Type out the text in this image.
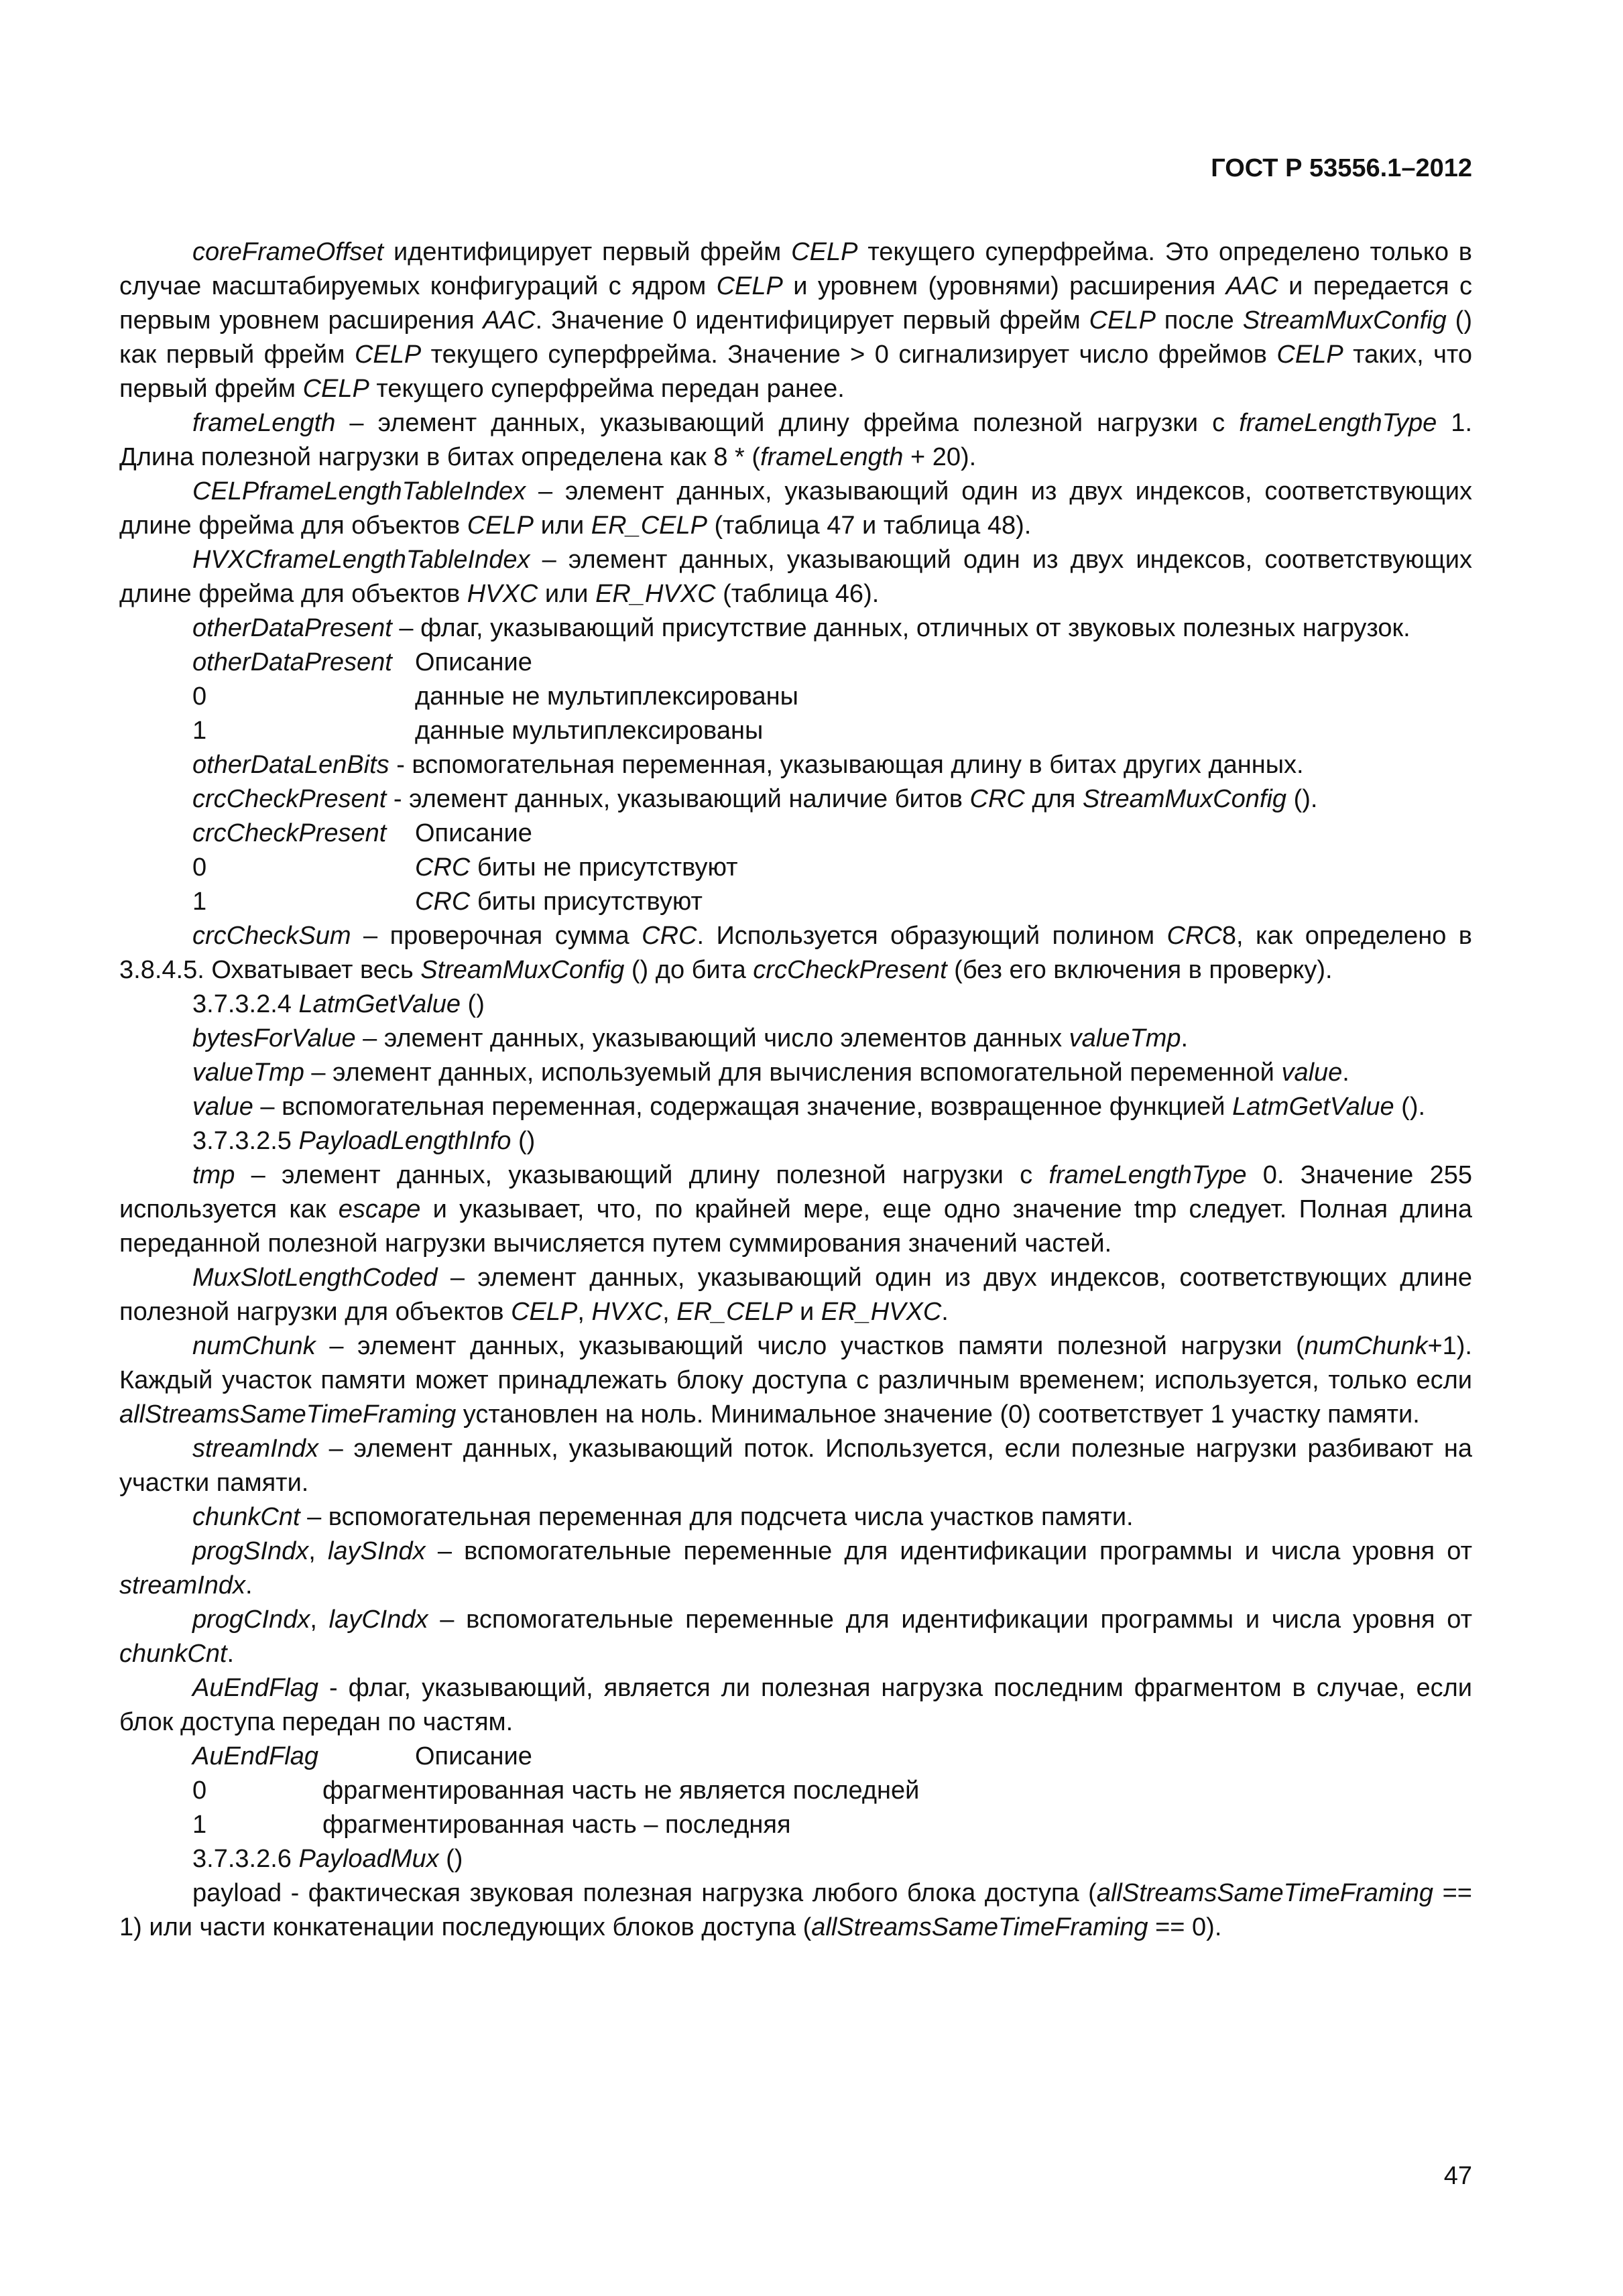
ГОСТ Р 53556.1–2012

coreFrameOffset идентифицирует первый фрейм CELP текущего суперфрейма. Это определено только в случае масштабируемых конфигураций с ядром CELP и уровнем (уровнями) расширения AAC и передается с первым уровнем расширения AAC. Значение 0 идентифицирует первый фрейм CELP после StreamMuxConfig () как первый фрейм CELP текущего суперфрейма. Значение > 0 сигнализирует число фреймов CELP таких, что первый фрейм CELP текущего суперфрейма передан ранее.

frameLength – элемент данных, указывающий длину фрейма полезной нагрузки с frameLengthType 1. Длина полезной нагрузки в битах определена как 8 * (frameLength + 20).

CELPframeLengthTableIndex – элемент данных, указывающий один из двух индексов, соответствующих длине фрейма для объектов CELP или ER_CELP (таблица 47 и таблица 48).

HVXCframeLengthTableIndex – элемент данных, указывающий один из двух индексов, соответствующих длине фрейма для объектов HVXC или ER_HVXC (таблица 46).

otherDataPresent – флаг, указывающий присутствие данных, отличных от звуковых полезных нагрузок.

otherDataPresent Описание
0	данные не мультиплексированы
1	данные мультиплексированы

otherDataLenBits - вспомогательная переменная, указывающая длину в битах других данных.

crcCheckPresent - элемент данных, указывающий наличие битов CRC для StreamMuxConfig ().

crcCheckPresent	Описание
0	CRC биты не присутствуют
1	CRC биты присутствуют

crcCheckSum – проверочная сумма CRC. Используется образующий полином CRC8, как определено в 3.8.4.5. Охватывает весь StreamMuxConfig () до бита crcCheckPresent (без его включения в проверку).

3.7.3.2.4 LatmGetValue ()

bytesForValue – элемент данных, указывающий число элементов данных valueTmp.

valueTmp – элемент данных, используемый для вычисления вспомогательной переменной value.

value – вспомогательная переменная, содержащая значение, возвращенное функцией LatmGetValue ().

3.7.3.2.5 PayloadLengthInfo ()

tmp – элемент данных, указывающий длину полезной нагрузки с frameLengthType 0. Значение 255 используется как escape и указывает, что, по крайней мере, еще одно значение tmp следует. Полная длина переданной полезной нагрузки вычисляется путем суммирования значений частей.

MuxSlotLengthCoded – элемент данных, указывающий один из двух индексов, соответствующих длине полезной нагрузки для объектов CELP, HVXC, ER_CELP и ER_HVXC.

numChunk – элемент данных, указывающий число участков памяти полезной нагрузки (numChunk+1). Каждый участок памяти может принадлежать блоку доступа с различным временем; используется, только если allStreamsSameTimeFraming установлен на ноль. Минимальное значение (0) соответствует 1 участку памяти.

streamIndx – элемент данных, указывающий поток. Используется, если полезные нагрузки разбивают на участки памяти.

chunkCnt – вспомогательная переменная для подсчета числа участков памяти.

progSIndx, laySIndx – вспомогательные переменные для идентификации программы и числа уровня от streamIndx.

progCIndx, layCIndx – вспомогательные переменные для идентификации программы и числа уровня от chunkCnt.

AuEndFlag - флаг, указывающий, является ли полезная нагрузка последним фрагментом в случае, если блок доступа передан по частям.

AuEndFlag	Описание
0	фрагментированная часть не является последней
1	фрагментированная часть – последняя

3.7.3.2.6 PayloadMux ()

payload - фактическая звуковая полезная нагрузка любого блока доступа (allStreamsSameTimeFraming == 1) или части конкатенации последующих блоков доступа (allStreamsSameTimeFraming == 0).

47
